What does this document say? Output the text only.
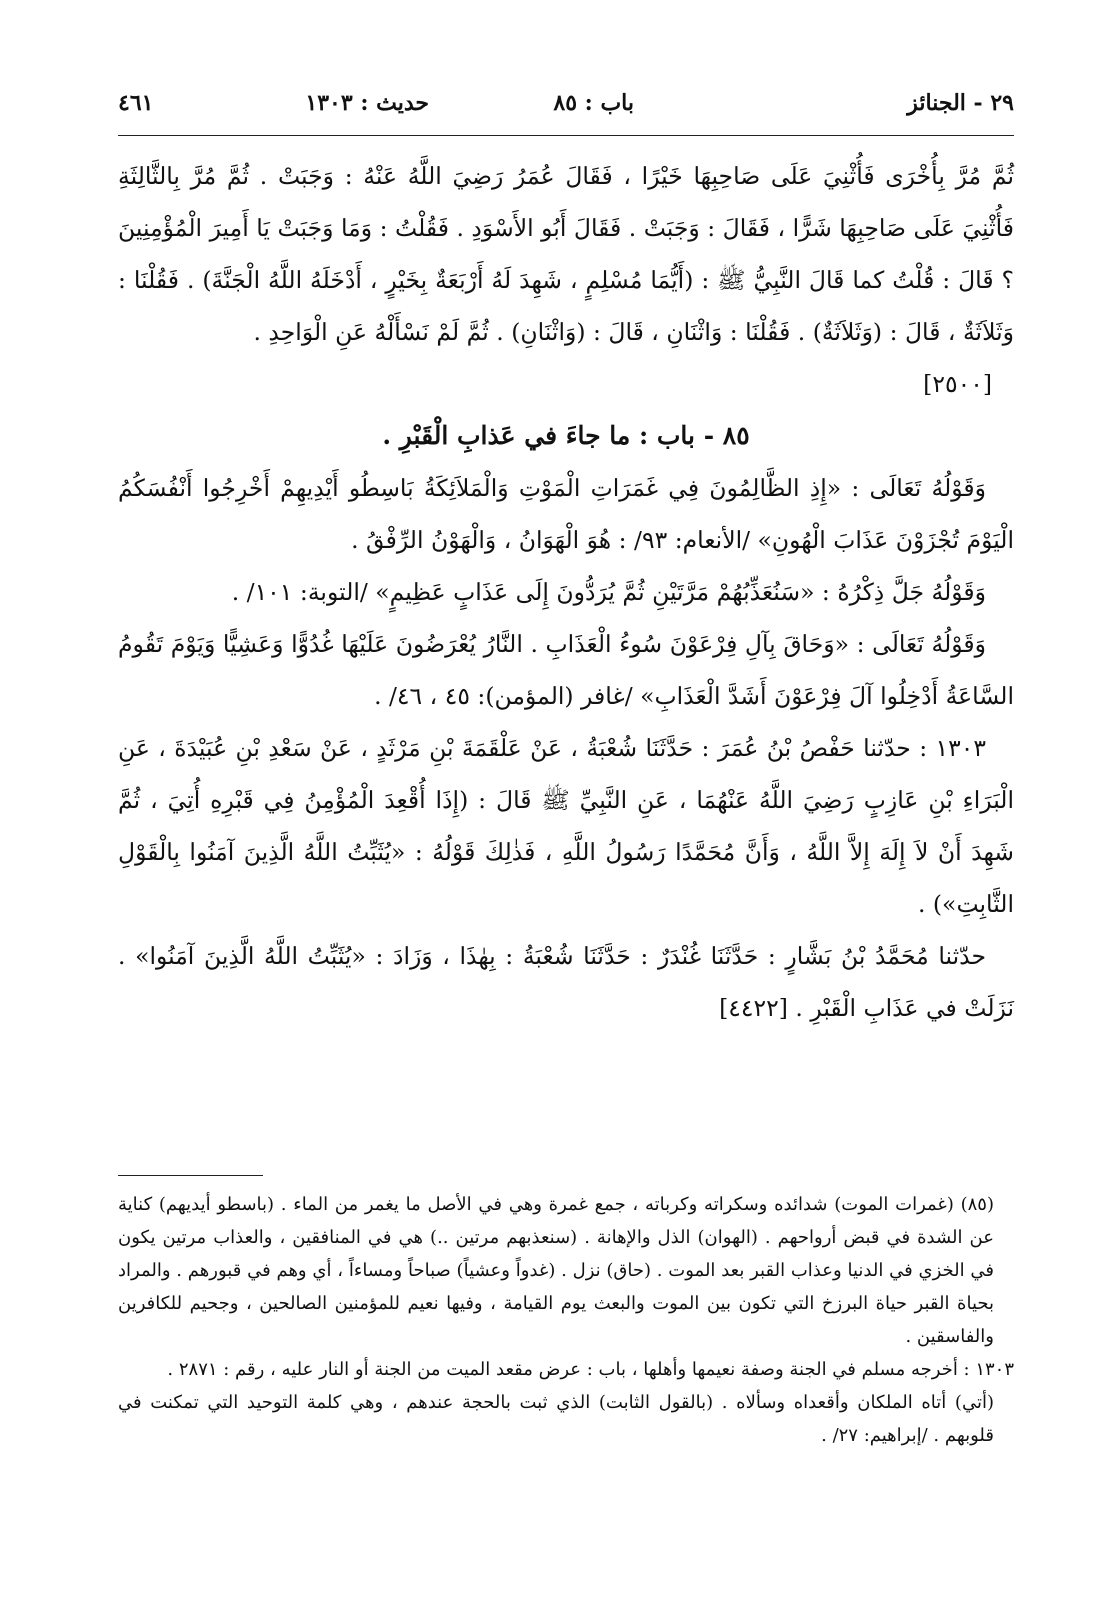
٢٩ - الجنائز
باب : ٨٥
حديث : ١٣٠٣
٤٦١

ثُمَّ مُرَّ بِأُخْرَى فَأُثْنِيَ عَلَى صَاحِبِهَا خَيْرًا ، فَقَالَ عُمَرُ رَضِيَ اللَّهُ عَنْهُ : وَجَبَتْ . ثُمَّ مُرَّ بِالثَّالِثَةِ فَأُثْنِيَ عَلَى صَاحِبِهَا شَرًّا ، فَقَالَ : وَجَبَتْ . فَقَالَ أَبُو الأَسْوَدِ . فَقُلْتُ : وَمَا وَجَبَتْ يَا أَمِيرَ الْمُؤْمِنِينَ ؟ قَالَ : قُلْتُ كما قَالَ النَّبِيُّ ﷺ : (أَيُّمَا مُسْلِمٍ ، شَهِدَ لَهُ أَرْبَعَةٌ بِخَيْرٍ ، أَدْخَلَهُ اللَّهُ الْجَنَّةَ) . فَقُلْنَا : وَثَلاَثَةٌ ، قَالَ : (وَثَلاَثَةٌ) . فَقُلْنَا : وَاثْنَانِ ، قَالَ : (وَاثْنَانِ) . ثُمَّ لَمْ نَسْأَلْهُ عَنِ الْوَاحِدِ .

[٢٥٠٠]

٨٥ - باب : ما جاءَ في عَذابِ الْقَبْرِ .

وَقَوْلُهُ تَعَالَى : «إِذِ الظَّالِمُونَ فِي غَمَرَاتِ الْمَوْتِ وَالْمَلاَئِكَةُ بَاسِطُو أَيْدِيهِمْ أَخْرِجُوا أَنْفُسَكُمُ الْيَوْمَ تُجْزَوْنَ عَذَابَ الْهُونِ» /الأنعام: ٩٣/ : هُوَ الْهَوَانُ ، وَالْهَوْنُ الرِّفْقُ .

وَقَوْلُهُ جَلَّ ذِكْرُهُ : «سَنُعَذِّبُهُمْ مَرَّتَيْنِ ثُمَّ يُرَدُّونَ إِلَى عَذَابٍ عَظِيمٍ» /التوبة: ١٠١/ .

وَقَوْلُهُ تَعَالَى : «وَحَاقَ بِآلِ فِرْعَوْنَ سُوءُ الْعَذَابِ . النَّارُ يُعْرَضُونَ عَلَيْهَا غُدُوًّا وَعَشِيًّا وَيَوْمَ تَقُومُ السَّاعَةُ أَدْخِلُوا آلَ فِرْعَوْنَ أَشَدَّ الْعَذَابِ» /غافر (المؤمن): ٤٥ ، ٤٦/ .

١٣٠٣ : حدّثنا حَفْصُ بْنُ عُمَرَ : حَدَّثَنَا شُعْبَةُ ، عَنْ عَلْقَمَةَ بْنِ مَرْثَدٍ ، عَنْ سَعْدِ بْنِ عُبَيْدَةَ ، عَنِ الْبَرَاءِ بْنِ عَازِبٍ رَضِيَ اللَّهُ عَنْهُمَا ، عَنِ النَّبِيِّ ﷺ قَالَ : (إِذَا أُقْعِدَ الْمُؤْمِنُ فِي قَبْرِهِ أُتِيَ ، ثُمَّ شَهِدَ أَنْ لاَ إِلَهَ إِلاَّ اللَّهُ ، وَأَنَّ مُحَمَّدًا رَسُولُ اللَّهِ ، فَذٰلِكَ قَوْلُهُ : «يُثَبِّتُ اللَّهُ الَّذِينَ آمَنُوا بِالْقَوْلِ الثَّابِتِ») .

حدّثنا مُحَمَّدُ بْنُ بَشَّارٍ : حَدَّثَنَا غُنْدَرٌ : حَدَّثَنَا شُعْبَةُ : بِهٰذَا ، وَزَادَ : «يُثَبِّتُ اللَّهُ الَّذِينَ آمَنُوا» . نَزَلَتْ في عَذَابِ الْقَبْرِ . [٤٤٢٢]

(٨٥) (غمرات الموت) شدائده وسكراته وكرباته ، جمع غمرة وهي في الأصل ما يغمر من الماء . (باسطو أيديهم) كناية عن الشدة في قبض أرواحهم . (الهوان) الذل والإهانة . (سنعذبهم مرتين ..) هي في المنافقين ، والعذاب مرتين يكون في الخزي في الدنيا وعذاب القبر بعد الموت . (حاق) نزل . (غدواً وعشياً) صباحاً ومساءاً ، أي وهم في قبورهم . والمراد بحياة القبر حياة البرزخ التي تكون بين الموت والبعث يوم القيامة ، وفيها نعيم للمؤمنين الصالحين ، وجحيم للكافرين والفاسقين .

١٣٠٣ : أخرجه مسلم في الجنة وصفة نعيمها وأهلها ، باب : عرض مقعد الميت من الجنة أو النار عليه ، رقم : ٢٨٧١ .

(أتي) أتاه الملكان وأقعداه وسألاه . (بالقول الثابت) الذي ثبت بالحجة عندهم ، وهي كلمة التوحيد التي تمكنت في قلوبهم . /إبراهيم: ٢٧/ .
